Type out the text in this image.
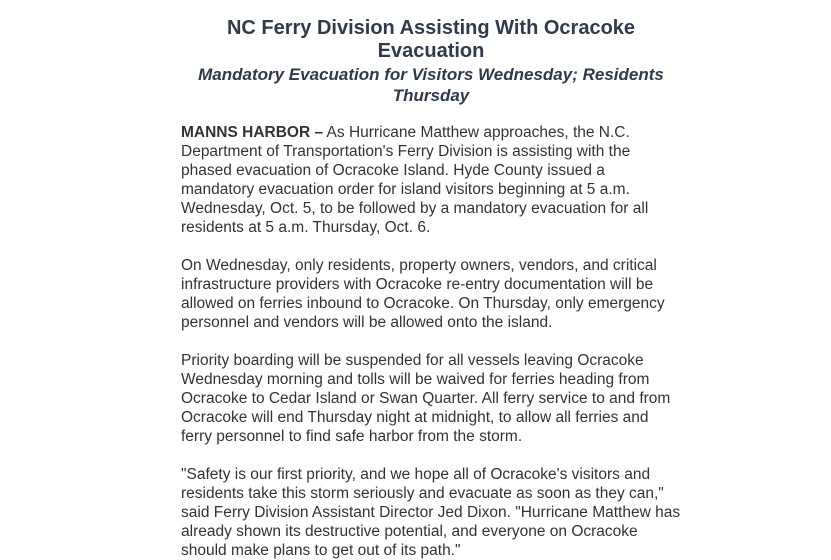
NC Ferry Division Assisting With Ocracoke Evacuation
Mandatory Evacuation for Visitors Wednesday; Residents Thursday

MANNS HARBOR – As Hurricane Matthew approaches, the N.C. Department of Transportation's Ferry Division is assisting with the phased evacuation of Ocracoke Island. Hyde County issued a mandatory evacuation order for island visitors beginning at 5 a.m. Wednesday, Oct. 5, to be followed by a mandatory evacuation for all residents at 5 a.m. Thursday, Oct. 6.

On Wednesday, only residents, property owners, vendors, and critical infrastructure providers with Ocracoke re-entry documentation will be allowed on ferries inbound to Ocracoke. On Thursday, only emergency personnel and vendors will be allowed onto the island.

Priority boarding will be suspended for all vessels leaving Ocracoke Wednesday morning and tolls will be waived for ferries heading from Ocracoke to Cedar Island or Swan Quarter. All ferry service to and from Ocracoke will end Thursday night at midnight, to allow all ferries and ferry personnel to find safe harbor from the storm.

"Safety is our first priority, and we hope all of Ocracoke's visitors and residents take this storm seriously and evacuate as soon as they can," said Ferry Division Assistant Director Jed Dixon. "Hurricane Matthew has already shown its destructive potential, and everyone on Ocracoke should make plans to get out of its path."
